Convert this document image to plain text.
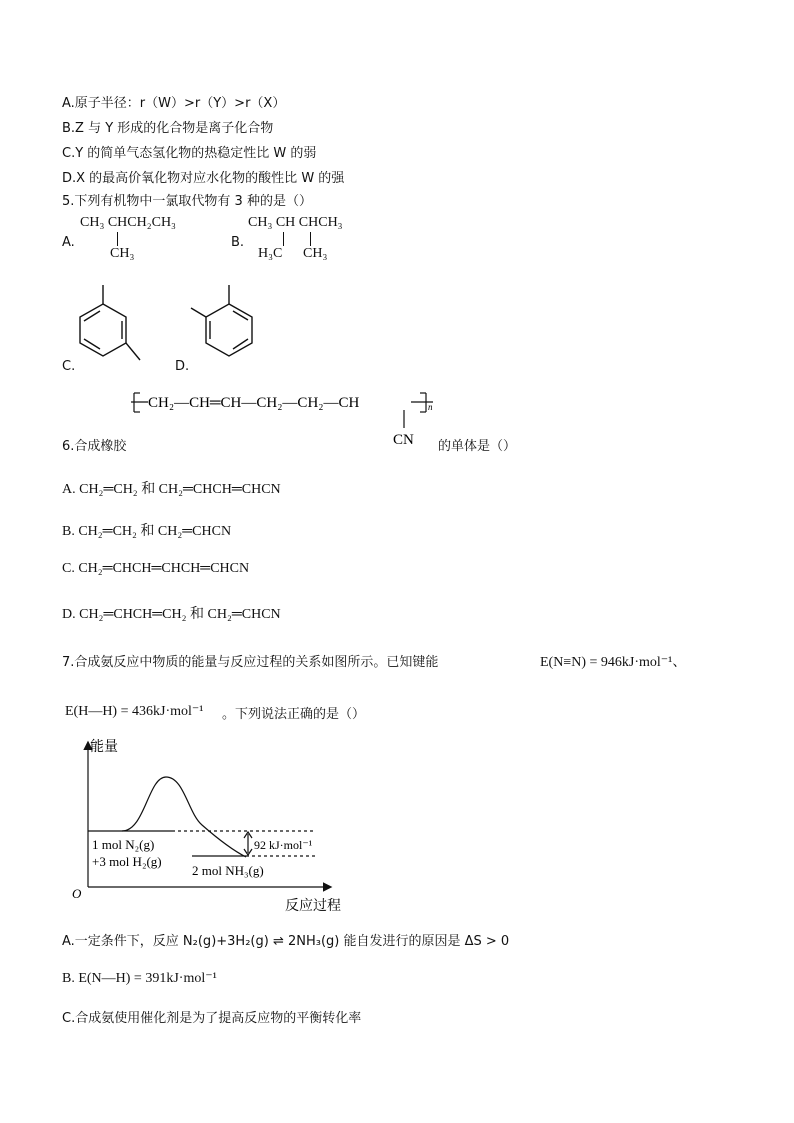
A.原子半径：r（W）>r（Y）>r（X）
B.Z 与 Y 形成的化合物是离子化合物
C.Y 的简单气态氢化物的热稳定性比 W 的弱
D.X 的最高价氧化物对应水化物的酸性比 W 的强
5.下列有机物中一氯取代物有 3 种的是（）
A.
CH₃ CHCH₂CH₃
CH₃
B.
CH₃ CH CHCH₃
H₃C CH₃
C.	D.
CH₂—CH═CH—CH₂—CH₂—CH
CN
n
6.合成橡胶	的单体是（）
A. CH₂═CH₂ 和 CH₂═CHCH═CHCN
B. CH₂═CH₂ 和 CH₂═CHCN
C. CH₂═CHCH═CHCH═CHCN
D. CH₂═CHCH═CH₂ 和 CH₂═CHCN
7.合成氨反应中物质的能量与反应过程的关系如图所示。已知键能	E(N≡N) = 946kJ·mol⁻¹、
E(H—H) = 436kJ·mol⁻¹ 。下列说法正确的是（）
能量
反应过程
O
1 mol N₂(g)
+3 mol H₂(g)
2 mol NH₃(g)
92 kJ·mol⁻¹
A.一定条件下，反应 N₂(g)+3H₂(g) ⇌ 2NH₃(g) 能自发进行的原因是 ΔS > 0
B. E(N—H) = 391kJ·mol⁻¹
C.合成氨使用催化剂是为了提高反应物的平衡转化率
